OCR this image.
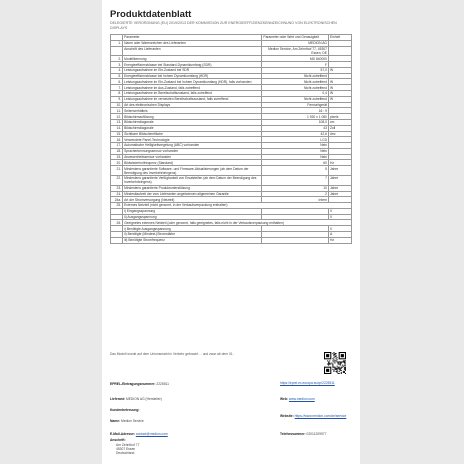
Produktdatenblatt
DELEGIERTE VERORDNUNG (EU) 2019/2013 DER KOMMISSION ZUR ENERGIEEFFIZIENZKENNZEICHNUNG VON ELEKTRONISCHEN DISPLAYS
	Parameter	Parameter oder Wert und Genauigkeit	Einheit
1.	Name oder Warenzeichen des Lieferanten	MEDION AG	
	Anschrift des Lieferanten	Medion Service, Am Zehnthof 77, 45307 Essen, DE	
2.	Modellkennung	MD 840000	
3.	Energieeffizienzklasse bei Standard-Dynamikumfang (SDR)	F	
4.	Leistungsaufnahme im Ein-Zustand bei SDR	57,0	W
5.	Energieeffizienzklasse bei hohem Dynamikumfang (HDR)	Nicht zutreffend	
6.	Leistungsaufnahme im Ein-Zustand bei hohem Dynamikumfang (HDR), falls vorhanden	Nicht zutreffend	W
7.	Leistungsaufnahme im Aus-Zustand, falls zutreffend	Nicht zutreffend	W
8.	Leistungsaufnahme im Bereitschaftszustand, falls zutreffend	0,4	W
9.	Leistungsaufnahme im vernetzten Bereitschaftszustand, falls zutreffend	Nicht zutreffend	W
10.	Art des elektronischen Displays	Fernsehgerät	
11.	Seitenverhältnis	16 : 9	
12.	Bildschirmauflösung	1 920 x 1 080	pixels
13.	Bildschirmdiagonale	108,0	cm
14.	Bildschirmdiagonale	43	Zoll
15.	Sichtbare Bildschirmfläche	42,6	dm²
16.	Verwendete Panel-Technologie	LCD	
17.	Automatische Helligkeitsregelung (ABC) vorhanden	Nein	
18.	Spracherkennungssensor vorhanden	Nein	
19.	Anwesenheitssensor vorhanden	Nein	
20.	Bildwiederholfrequenz (Standard)	60	Hz
21.	Mindestens garantierte Software- und Firmware-Aktualisierungen (ab dem Datum der Beendigung des Inverkehrbringens)	5	Jahre
22.	Mindestens garantierte Verfügbarkeit von Ersatzteilen (ab dem Datum der Beendigung des Inverkehrbringens)	7	Jahre
23.	Mindestens garantierte Produktunterstützung	10	Jahre
24.	Mindestlaufzeit der vom Lieferanten angebotenen allgemeinen Garantie	2	Jahre
24a.	Art der Stromversorgung (Netzteil)	Intern	
25.	Externes Netzteil (nicht genormt, in der Verkaufsverpackung enthalten)		
	i) Eingangsspannung		V
	ii) Ausgangsspannung		V
26.	Geeignetes externes Netzteil (oder genormt, falls geeignetes, falls nicht in der Verkaufsverpackung enthalten)		
	i) Benötigte Ausgangsspannung		V
	ii) Benötigte (Mindest-)Stromstärke		A
	iii) Benötigte Stromfrequenz		Hz

Das Modell wurde auf dem Unionsmarkt in Verkehr gebracht ... und zwar ab dem 01.
EPREL-Eintragungsnummer: 2225511	https://eprel.ec.europa.eu/qr/2225511
Lieferant: MEDION AG (Hersteller)	Web: www.medion.com
Kundenbetreuung:
Name: Medion Service
Website: https://www.medion.com/de/service
E-Mail-Adresse: contact@medion.com	Telefonnummer: 02011209977
Anschrift:
Am Zehnthof 77
45307 Essen
Deutschland
